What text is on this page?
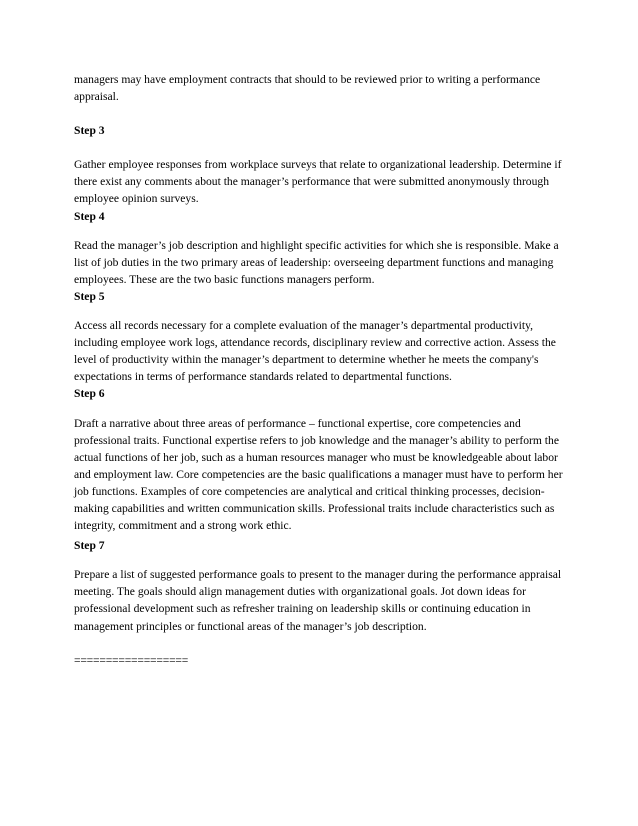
managers may have employment contracts that should to be reviewed prior to writing a performance appraisal.

Step 3

Gather employee responses from workplace surveys that relate to organizational leadership. Determine if there exist any comments about the manager’s performance that were submitted anonymously through employee opinion surveys.

Step 4

Read the manager’s job description and highlight specific activities for which she is responsible. Make a list of job duties in the two primary areas of leadership: overseeing department functions and managing employees. These are the two basic functions managers perform.

Step 5

Access all records necessary for a complete evaluation of the manager’s departmental productivity, including employee work logs, attendance records, disciplinary review and corrective action. Assess the level of productivity within the manager’s department to determine whether he meets the company's expectations in terms of performance standards related to departmental functions.

Step 6

Draft a narrative about three areas of performance – functional expertise, core competencies and professional traits. Functional expertise refers to job knowledge and the manager’s ability to perform the actual functions of her job, such as a human resources manager who must be knowledgeable about labor and employment law. Core competencies are the basic qualifications a manager must have to perform her job functions. Examples of core competencies are analytical and critical thinking processes, decision-making capabilities and written communication skills. Professional traits include characteristics such as integrity, commitment and a strong work ethic.

Step 7

Prepare a list of suggested performance goals to present to the manager during the performance appraisal meeting. The goals should align management duties with organizational goals. Jot down ideas for professional development such as refresher training on leadership skills or continuing education in management principles or functional areas of the manager’s job description.

==================
